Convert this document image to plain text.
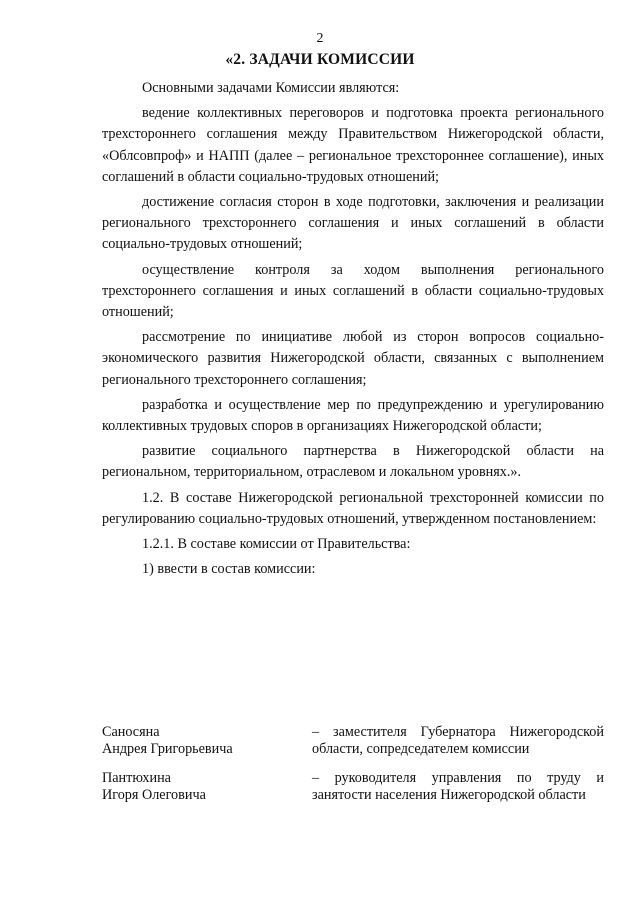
2
«2. ЗАДАЧИ КОМИССИИ

Основными задачами Комиссии являются:

ведение коллективных переговоров и подготовка проекта регионального трехстороннего соглашения между Правительством Нижегородской области, «Облсовпроф» и НАПП (далее – региональное трехстороннее соглашение), иных соглашений в области социально-трудовых отношений;

достижение согласия сторон в ходе подготовки, заключения и реализации регионального трехстороннего соглашения и иных соглашений в области социально-трудовых отношений;

осуществление контроля за ходом выполнения регионального трехстороннего соглашения и иных соглашений в области социально-трудовых отношений;

рассмотрение по инициативе любой из сторон вопросов социально-экономического развития Нижегородской области, связанных с выполнением регионального трехстороннего соглашения;

разработка и осуществление мер по предупреждению и урегулированию коллективных трудовых споров в организациях Нижегородской области;

развитие социального партнерства в Нижегородской области на региональном, территориальном, отраслевом и локальном уровнях.».

1.2. В составе Нижегородской региональной трехсторонней комиссии по регулированию социально-трудовых отношений, утвержденном постановлением:

1.2.1. В составе комиссии от Правительства:

1) ввести в состав комиссии:

Саносяна
Андрея Григорьевича
– заместителя Губернатора Нижегородской области, сопредседателем комиссии
Пантюхина
Игоря Олеговича
– руководителя управления по труду и занятости населения Нижегородской области
